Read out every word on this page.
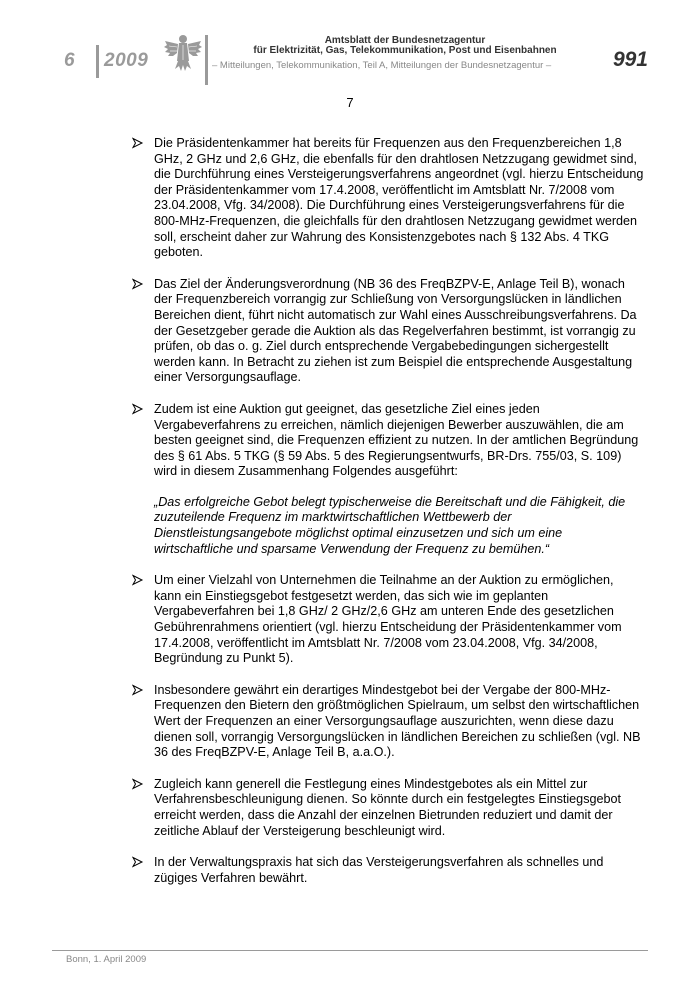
6 2009
Amtsblatt der Bundesnetzagentur
für Elektrizität, Gas, Telekommunikation, Post und Eisenbahnen
– Mitteilungen, Telekommunikation, Teil A, Mitteilungen der Bundesnetzagentur –	991
7

Die Präsidentenkammer hat bereits für Frequenzen aus den Frequenzbereichen 1,8 GHz, 2 GHz und 2,6 GHz, die ebenfalls für den drahtlosen Netzzugang gewidmet sind, die Durchführung eines Versteigerungsverfahrens angeordnet (vgl. hierzu Entscheidung der Präsidentenkammer vom 17.4.2008, veröffentlicht im Amtsblatt Nr. 7/2008 vom 23.04.2008, Vfg. 34/2008). Die Durchführung eines Versteigerungsverfahrens für die 800-MHz-Frequenzen, die gleichfalls für den drahtlosen Netzzugang gewidmet werden soll, erscheint daher zur Wahrung des Konsistenzgebotes nach § 132 Abs. 4 TKG geboten.

Das Ziel der Änderungsverordnung (NB 36 des FreqBZPV-E, Anlage Teil B), wonach der Frequenzbereich vorrangig zur Schließung von Versorgungslücken in ländlichen Bereichen dient, führt nicht automatisch zur Wahl eines Ausschreibungsverfahrens. Da der Gesetzgeber gerade die Auktion als das Regelverfahren bestimmt, ist vorrangig zu prüfen, ob das o. g. Ziel durch entsprechende Vergabebedingungen sichergestellt werden kann. In Betracht zu ziehen ist zum Beispiel die entsprechende Ausgestaltung einer Versorgungsauflage.

Zudem ist eine Auktion gut geeignet, das gesetzliche Ziel eines jeden Vergabeverfahrens zu erreichen, nämlich diejenigen Bewerber auszuwählen, die am besten geeignet sind, die Frequenzen effizient zu nutzen. In der amtlichen Begründung des § 61 Abs. 5 TKG (§ 59 Abs. 5 des Regierungsentwurfs, BR-Drs. 755/03, S. 109) wird in diesem Zusammenhang Folgendes ausgeführt:

„Das erfolgreiche Gebot belegt typischerweise die Bereitschaft und die Fähigkeit, die zuzuteilende Frequenz im marktwirtschaftlichen Wettbewerb der Dienstleistungsangebote möglichst optimal einzusetzen und sich um eine wirtschaftliche und sparsame Verwendung der Frequenz zu bemühen.“

Um einer Vielzahl von Unternehmen die Teilnahme an der Auktion zu ermöglichen, kann ein Einstiegsgebot festgesetzt werden, das sich wie im geplanten Vergabeverfahren bei 1,8 GHz/ 2 GHz/2,6 GHz am unteren Ende des gesetzlichen Gebührenrahmens orientiert (vgl. hierzu Entscheidung der Präsidentenkammer vom 17.4.2008, veröffentlicht im Amtsblatt Nr. 7/2008 vom 23.04.2008, Vfg. 34/2008, Begründung zu Punkt 5).

Insbesondere gewährt ein derartiges Mindestgebot bei der Vergabe der 800-MHz-Frequenzen den Bietern den größtmöglichen Spielraum, um selbst den wirtschaftlichen Wert der Frequenzen an einer Versorgungsauflage auszurichten, wenn diese dazu dienen soll, vorrangig Versorgungslücken in ländlichen Bereichen zu schließen (vgl. NB 36 des FreqBZPV-E, Anlage Teil B, a.a.O.).

Zugleich kann generell die Festlegung eines Mindestgebotes als ein Mittel zur Verfahrensbeschleunigung dienen. So könnte durch ein festgelegtes Einstiegsgebot erreicht werden, dass die Anzahl der einzelnen Bietrunden reduziert und damit der zeitliche Ablauf der Versteigerung beschleunigt wird.

In der Verwaltungspraxis hat sich das Versteigerungsverfahren als schnelles und zügiges Verfahren bewährt.

Bonn, 1. April 2009
